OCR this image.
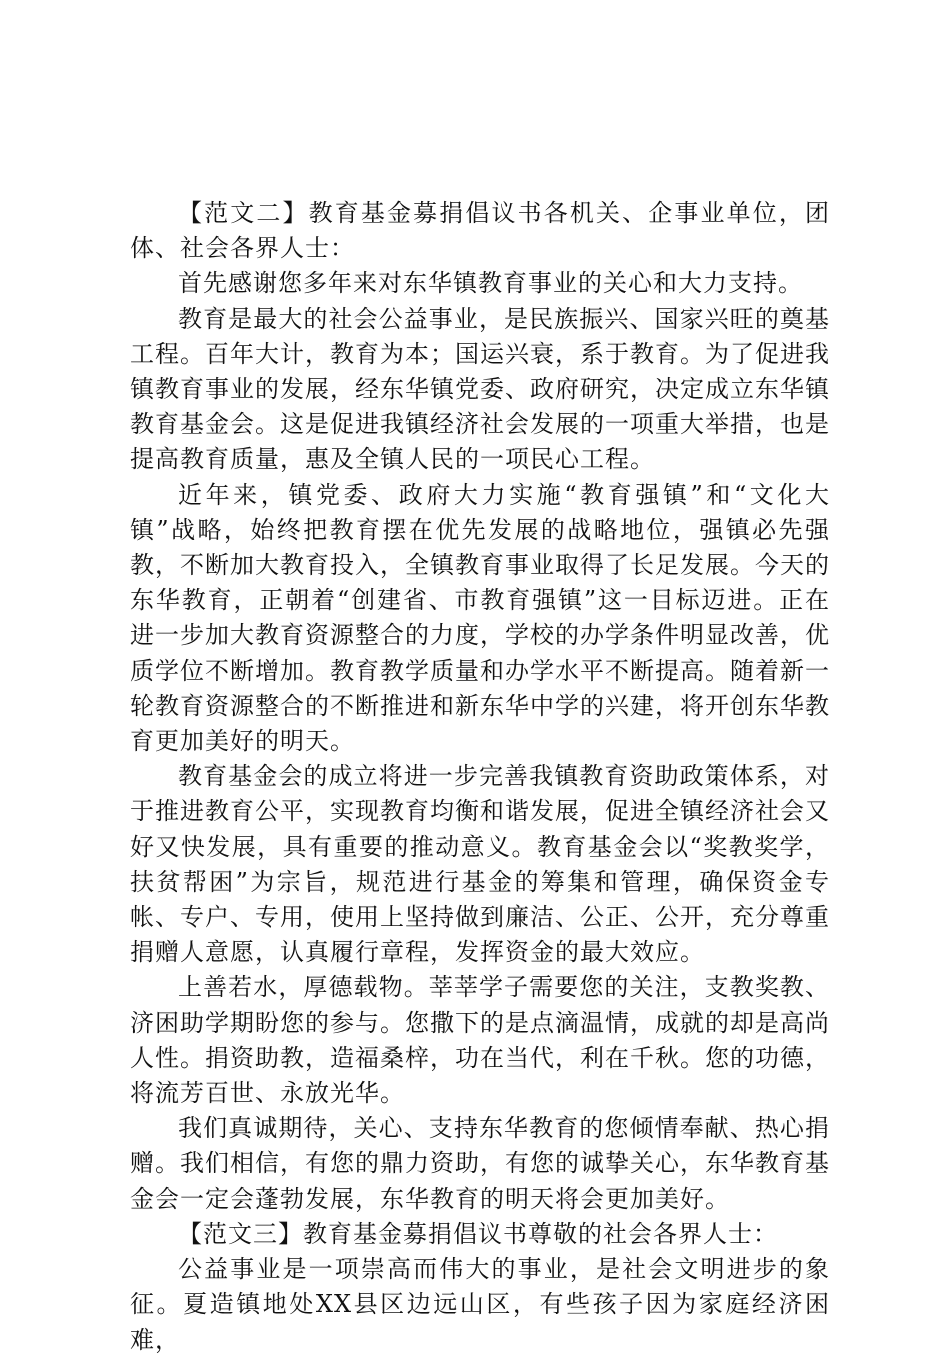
【范文二】教育基金募捐倡议书各机关、企事业单位，团体、社会各界人士：

首先感谢您多年来对东华镇教育事业的关心和大力支持。

教育是最大的社会公益事业，是民族振兴、国家兴旺的奠基工程。百年大计，教育为本；国运兴衰，系于教育。为了促进我镇教育事业的发展，经东华镇党委、政府研究，决定成立东华镇教育基金会。这是促进我镇经济社会发展的一项重大举措，也是提高教育质量，惠及全镇人民的一项民心工程。

近年来，镇党委、政府大力实施“教育强镇”和“文化大镇”战略，始终把教育摆在优先发展的战略地位，强镇必先强教，不断加大教育投入，全镇教育事业取得了长足发展。今天的东华教育，正朝着“创建省、市教育强镇”这一目标迈进。正在进一步加大教育资源整合的力度，学校的办学条件明显改善，优质学位不断增加。教育教学质量和办学水平不断提高。随着新一轮教育资源整合的不断推进和新东华中学的兴建，将开创东华教育更加美好的明天。

教育基金会的成立将进一步完善我镇教育资助政策体系，对于推进教育公平，实现教育均衡和谐发展，促进全镇经济社会又好又快发展，具有重要的推动意义。教育基金会以“奖教奖学，扶贫帮困”为宗旨，规范进行基金的筹集和管理，确保资金专帐、专户、专用，使用上坚持做到廉洁、公正、公开，充分尊重捐赠人意愿，认真履行章程，发挥资金的最大效应。

上善若水，厚德载物。莘莘学子需要您的关注，支教奖教、济困助学期盼您的参与。您撒下的是点滴温情，成就的却是高尚人性。捐资助教，造福桑梓，功在当代，利在千秋。您的功德，将流芳百世、永放光华。

我们真诚期待，关心、支持东华教育的您倾情奉献、热心捐赠。我们相信，有您的鼎力资助，有您的诚挚关心，东华教育基金会一定会蓬勃发展，东华教育的明天将会更加美好。

【范文三】教育基金募捐倡议书尊敬的社会各界人士：

公益事业是一项崇高而伟大的事业，是社会文明进步的象征。夏造镇地处XX县区边远山区，有些孩子因为家庭经济困难，
